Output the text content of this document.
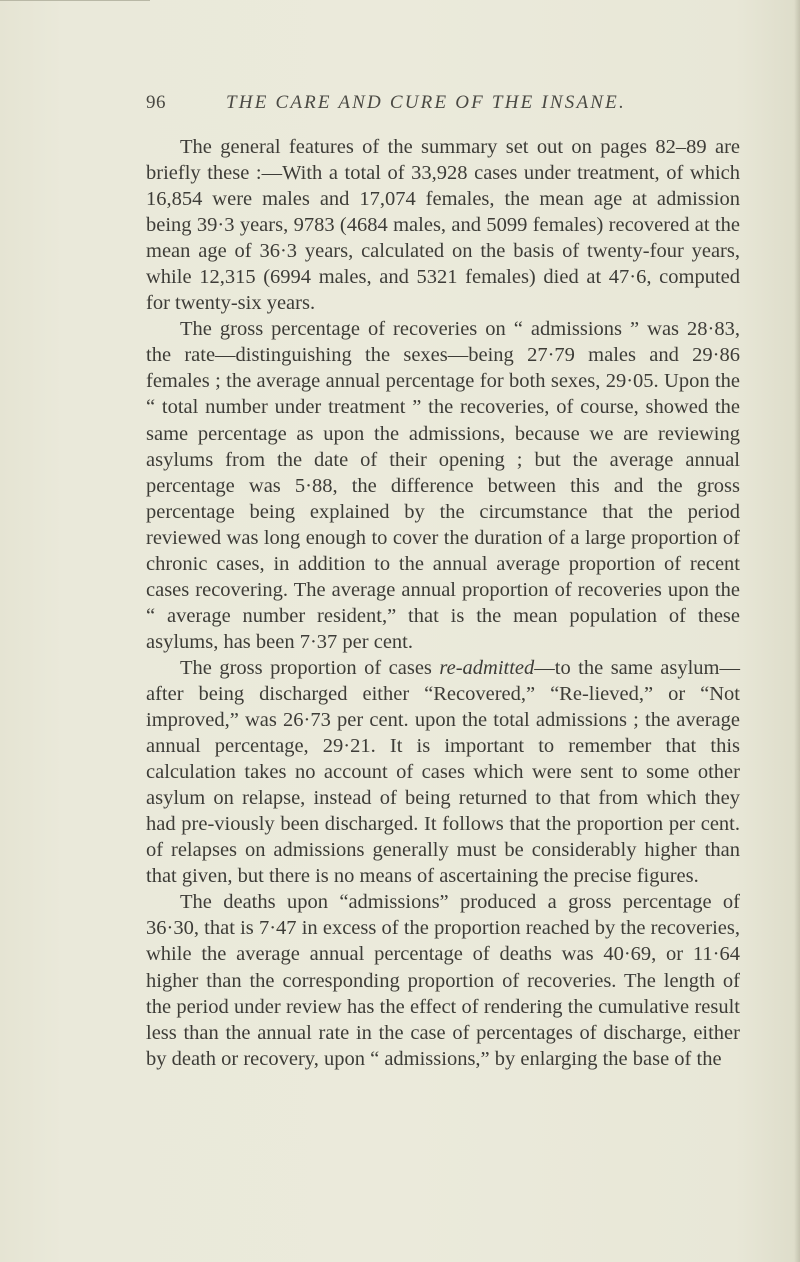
96	THE CARE AND CURE OF THE INSANE.

The general features of the summary set out on pages 82–89 are briefly these :—With a total of 33,928 cases under treatment, of which 16,854 were males and 17,074 females, the mean age at admission being 39·3 years, 9783 (4684 males, and 5099 females) recovered at the mean age of 36·3 years, calculated on the basis of twenty-four years, while 12,315 (6994 males, and 5321 females) died at 47·6, computed for twenty-six years.

The gross percentage of recoveries on “ admissions ” was 28·83, the rate—distinguishing the sexes—being 27·79 males and 29·86 females ; the average annual percentage for both sexes, 29·05. Upon the “ total number under treatment ” the recoveries, of course, showed the same percentage as upon the admissions, because we are reviewing asylums from the date of their opening ; but the average annual percentage was 5·88, the difference between this and the gross percentage being explained by the circumstance that the period reviewed was long enough to cover the duration of a large proportion of chronic cases, in addition to the annual average proportion of recent cases recovering. The average annual proportion of recoveries upon the “ average number resident,” that is the mean population of these asylums, has been 7·37 per cent.

The gross proportion of cases re-admitted—to the same asylum—after being discharged either “Recovered,” “Re-lieved,” or “Not improved,” was 26·73 per cent. upon the total admissions ; the average annual percentage, 29·21. It is important to remember that this calculation takes no account of cases which were sent to some other asylum on relapse, instead of being returned to that from which they had pre-viously been discharged. It follows that the proportion per cent. of relapses on admissions generally must be considerably higher than that given, but there is no means of ascertaining the precise figures.

The deaths upon “admissions” produced a gross percentage of 36·30, that is 7·47 in excess of the proportion reached by the recoveries, while the average annual percentage of deaths was 40·69, or 11·64 higher than the corresponding proportion of recoveries. The length of the period under review has the effect of rendering the cumulative result less than the annual rate in the case of percentages of discharge, either by death or recovery, upon “ admissions,” by enlarging the base of the
